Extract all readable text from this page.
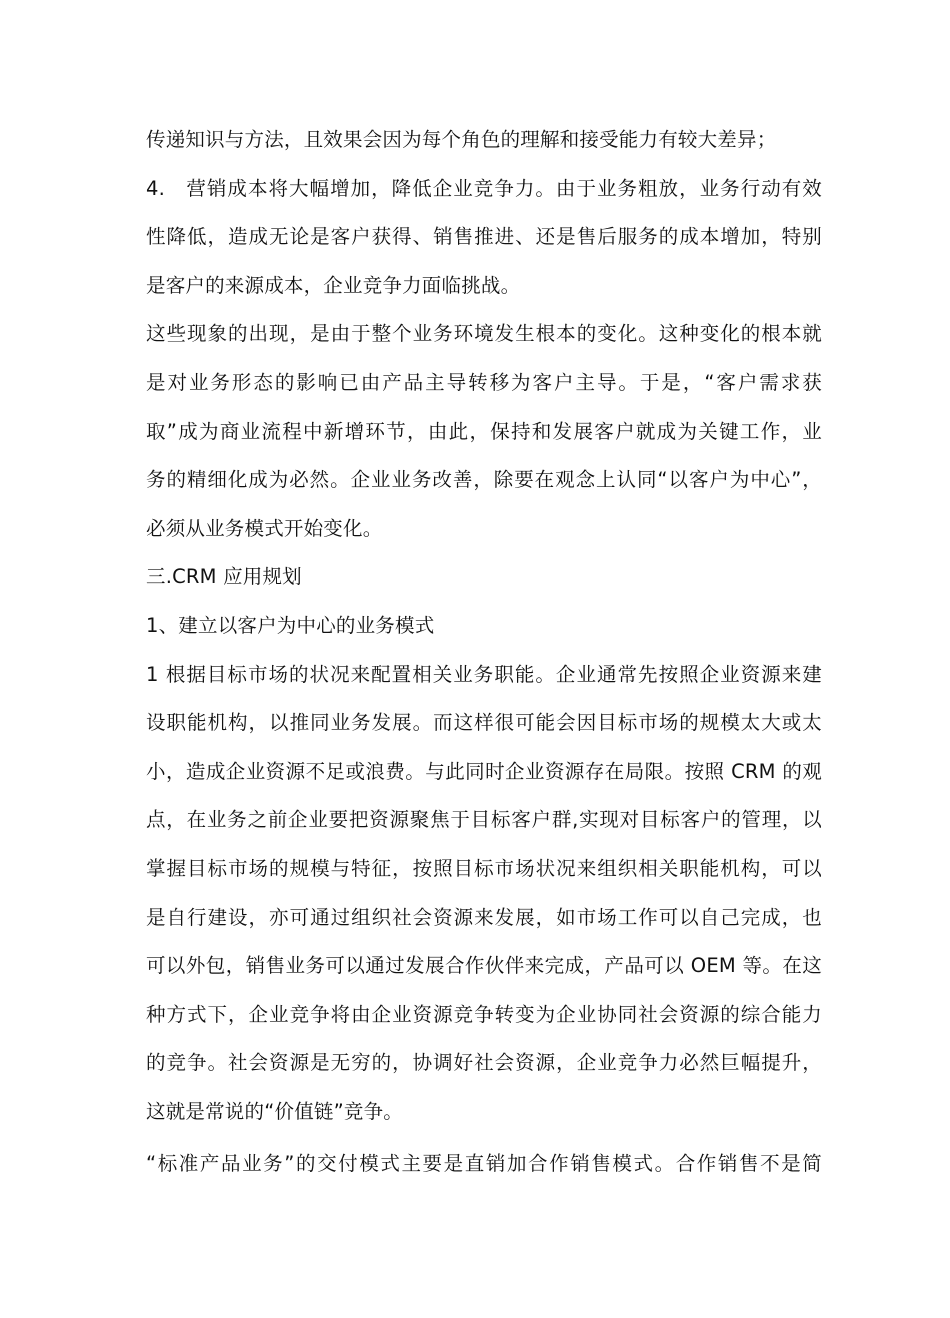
传递知识与方法，且效果会因为每个角色的理解和接受能力有较大差异；
4.　营销成本将大幅增加，降低企业竞争力。由于业务粗放，业务行动有效
性降低，造成无论是客户获得、销售推进、还是售后服务的成本增加，特别
是客户的来源成本，企业竞争力面临挑战。
这些现象的出现，是由于整个业务环境发生根本的变化。这种变化的根本就
是对业务形态的影响已由产品主导转移为客户主导。于是，“客户需求获
取”成为商业流程中新增环节，由此，保持和发展客户就成为关键工作，业
务的精细化成为必然。企业业务改善，除要在观念上认同“以客户为中心”，
必须从业务模式开始变化。
三.CRM 应用规划
1、建立以客户为中心的业务模式
1 根据目标市场的状况来配置相关业务职能。企业通常先按照企业资源来建
设职能机构，以推同业务发展。而这样很可能会因目标市场的规模太大或太
小，造成企业资源不足或浪费。与此同时企业资源存在局限。按照 CRM 的观
点，在业务之前企业要把资源聚焦于目标客户群,实现对目标客户的管理，以
掌握目标市场的规模与特征，按照目标市场状况来组织相关职能机构，可以
是自行建设，亦可通过组织社会资源来发展，如市场工作可以自己完成，也
可以外包，销售业务可以通过发展合作伙伴来完成，产品可以 OEM 等。在这
种方式下，企业竞争将由企业资源竞争转变为企业协同社会资源的综合能力
的竞争。社会资源是无穷的，协调好社会资源，企业竞争力必然巨幅提升，
这就是常说的“价值链”竞争。
“标准产品业务”的交付模式主要是直销加合作销售模式。合作销售不是简
